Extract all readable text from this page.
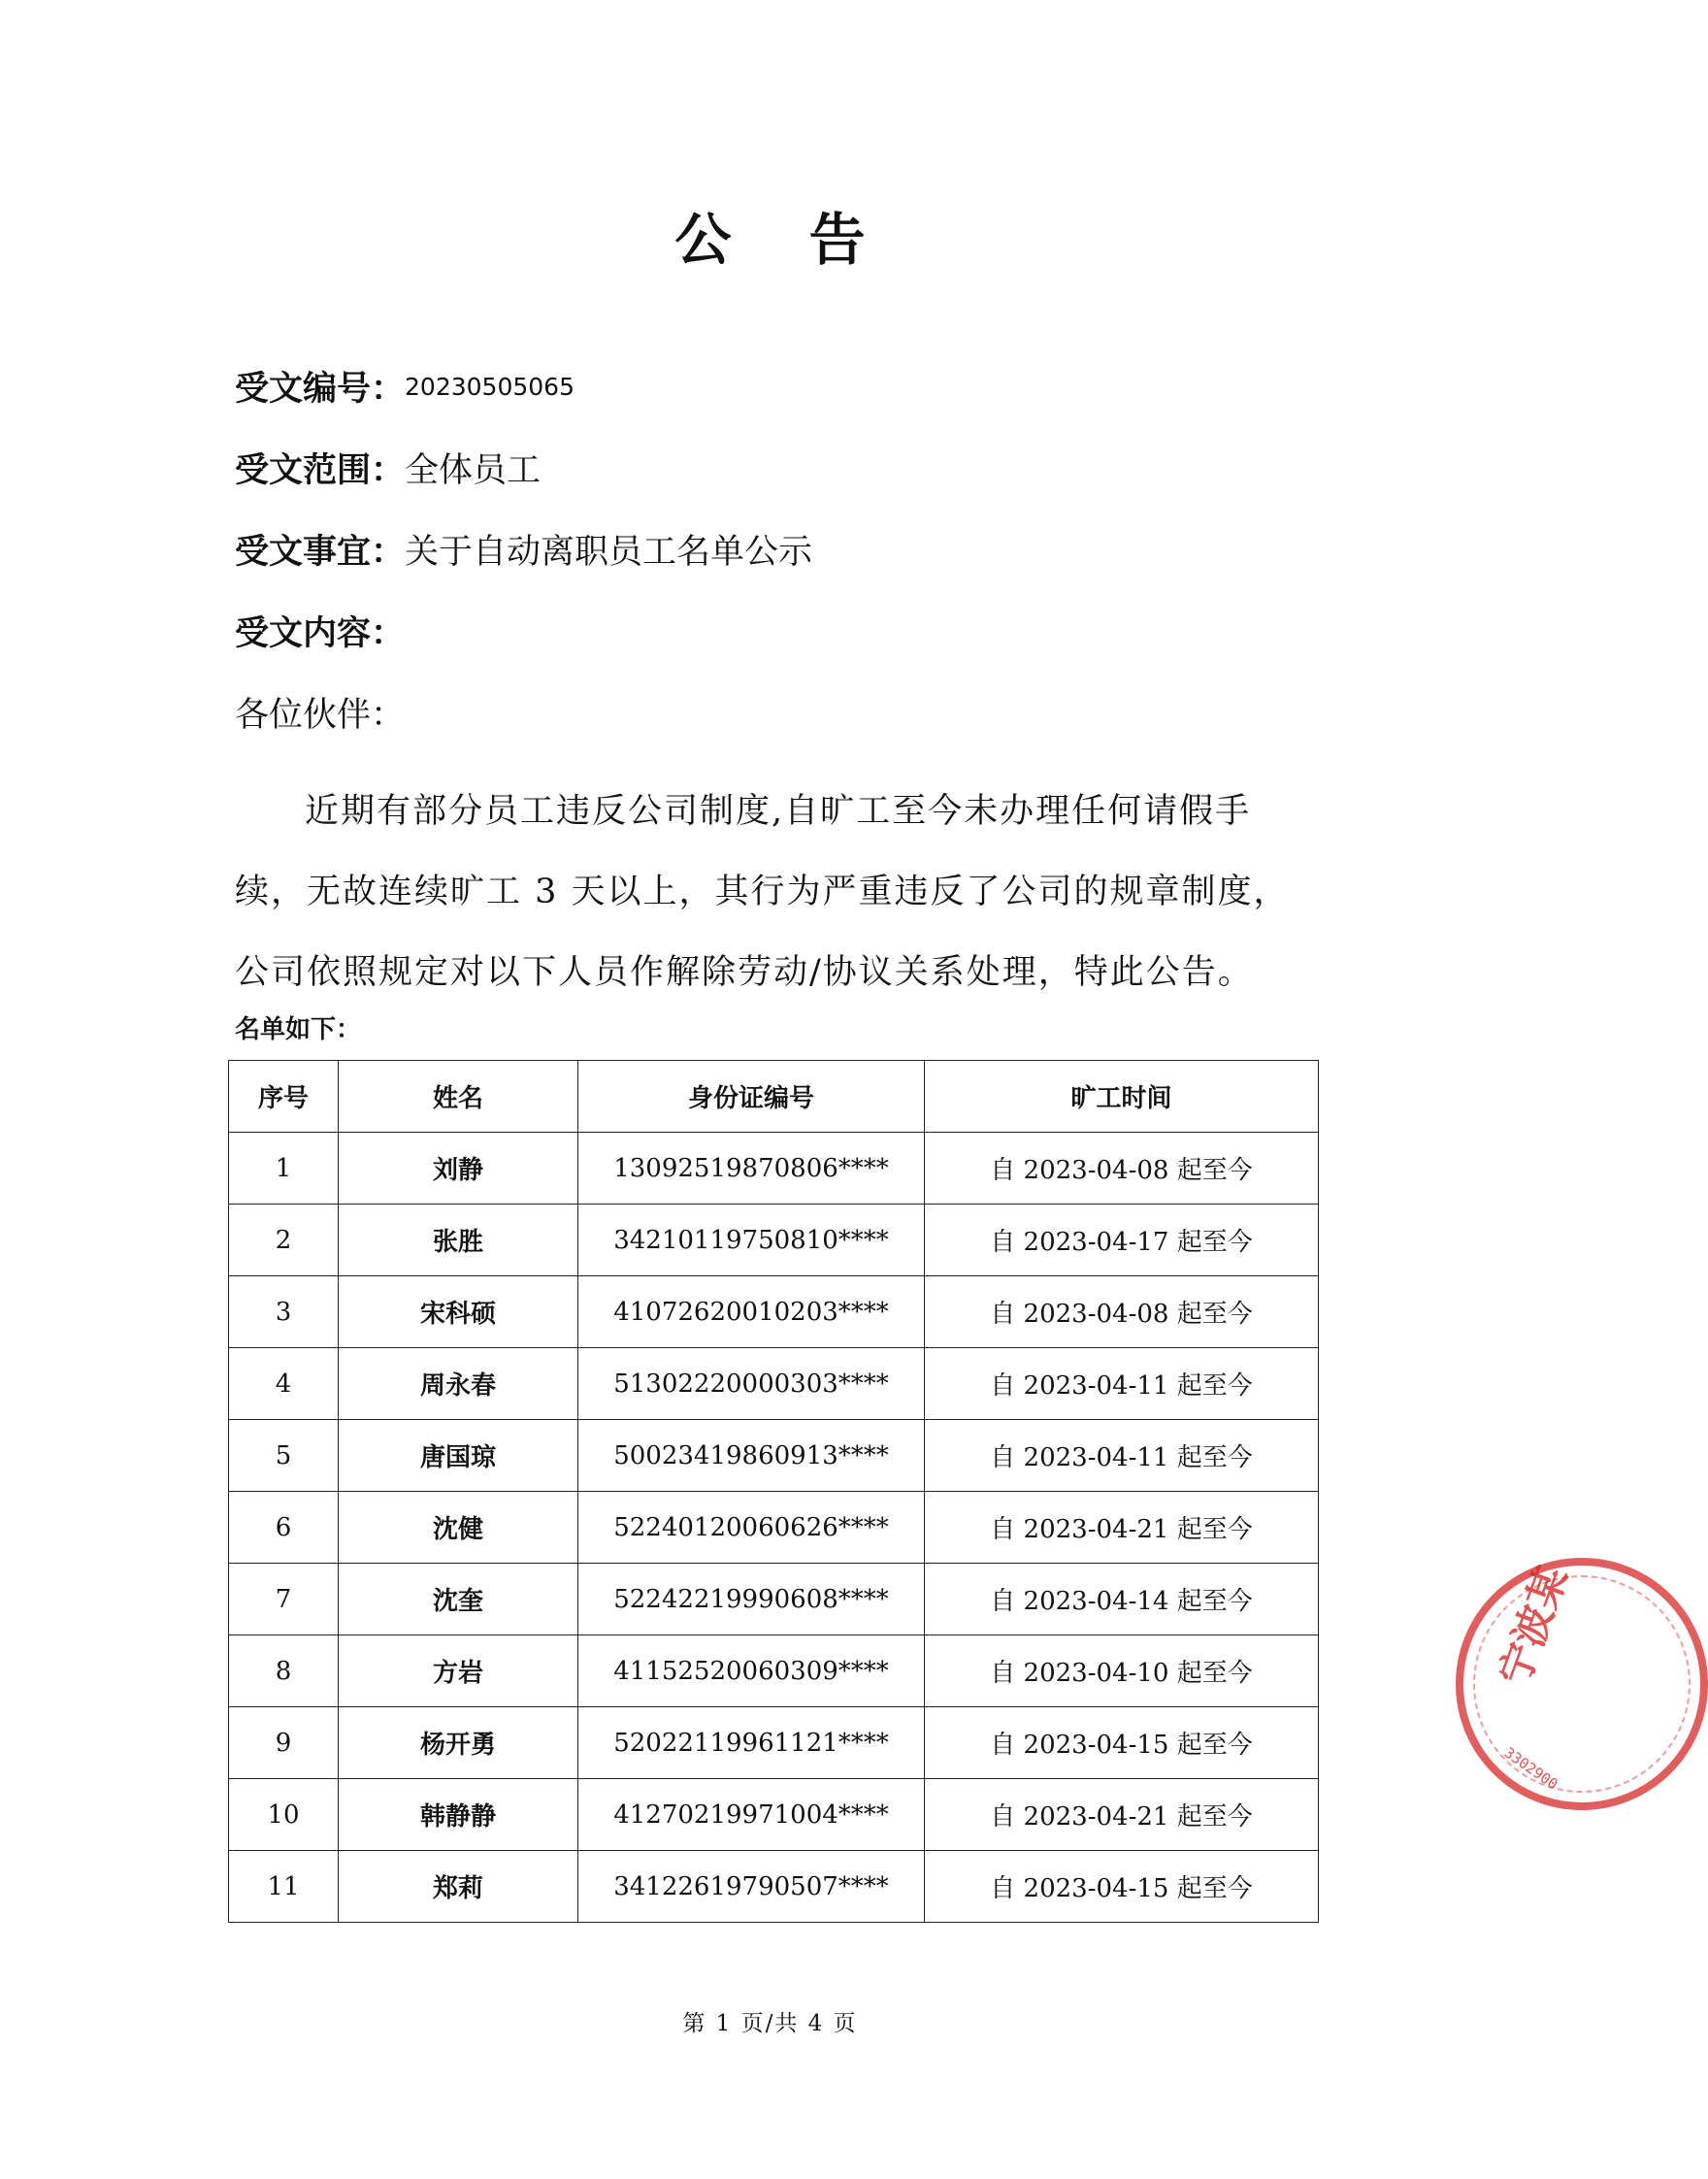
公 告
受文编号：20230505065
受文范围：全体员工
受文事宜：关于自动离职员工名单公示
受文内容：
各位伙伴：
近期有部分员工违反公司制度,自旷工至今未办理任何请假手续，无故连续旷工 3 天以上，其行为严重违反了公司的规章制度，公司依照规定对以下人员作解除劳动/协议关系处理，特此公告。
名单如下：
序号	姓名	身份证编号	旷工时间
1	刘静	13092519870806****	自 2023-04-08 起至今
2	张胜	34210119750810****	自 2023-04-17 起至今
3	宋科硕	41072620010203****	自 2023-04-08 起至今
4	周永春	51302220000303****	自 2023-04-11 起至今
5	唐国琼	50023419860913****	自 2023-04-11 起至今
6	沈健	52240120060626****	自 2023-04-21 起至今
7	沈奎	52242219990608****	自 2023-04-14 起至今
8	方岩	41152520060309****	自 2023-04-10 起至今
9	杨开勇	52022119961121****	自 2023-04-15 起至今
10	韩静静	41270219971004****	自 2023-04-21 起至今
11	郑莉	34122619790507****	自 2023-04-15 起至今
第 1 页/共 4 页
宁波某
3302900
